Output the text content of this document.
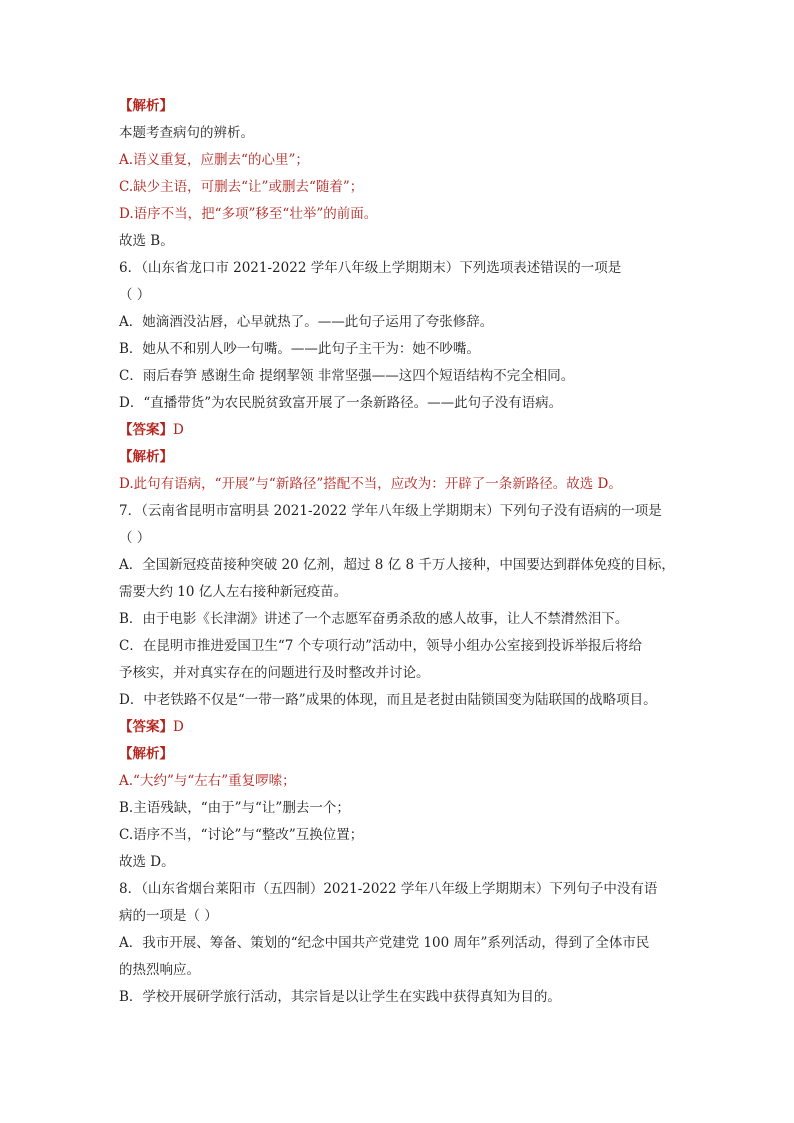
【解析】
本题考查病句的辨析。
A.语义重复，应删去“的心里”；
C.缺少主语，可删去“让”或删去“随着”；
D.语序不当，把“多项”移至“壮举”的前面。
故选 B。
6．（山东省龙口市 2021-2022 学年八年级上学期期末）下列选项表述错误的一项是
（ ）
A．她滴酒没沾唇，心早就热了。——此句子运用了夸张修辞。
B．她从不和别人吵一句嘴。——此句子主干为：她不吵嘴。
C．雨后春笋 感谢生命 提纲挈领 非常坚强——这四个短语结构不完全相同。
D．“直播带货”为农民脱贫致富开展了一条新路径。——此句子没有语病。
【答案】D
【解析】
D.此句有语病，“开展”与“新路径”搭配不当，应改为：开辟了一条新路径。故选 D。
7．（云南省昆明市富明县 2021-2022 学年八年级上学期期末）下列句子没有语病的一项是
（ ）
A．全国新冠疫苗接种突破 20 亿剂，超过 8 亿 8 千万人接种，中国要达到群体免疫的目标，
需要大约 10 亿人左右接种新冠疫苗。
B．由于电影《长津湖》讲述了一个志愿军奋勇杀敌的感人故事，让人不禁潸然泪下。
C．在昆明市推进爱国卫生“7 个专项行动”活动中，领导小组办公室接到投诉举报后将给
予核实，并对真实存在的问题进行及时整改并讨论。
D．中老铁路不仅是“一带一路”成果的体现，而且是老挝由陆锁国变为陆联国的战略项目。
【答案】D
【解析】
A.“大约”与“左右”重复啰嗦；
B.主语残缺，“由于”与“让”删去一个；
C.语序不当，“讨论”与“整改”互换位置；
故选 D。
8．（山东省烟台莱阳市（五四制）2021-2022 学年八年级上学期期末）下列句子中没有语
病的一项是（ ）
A．我市开展、筹备、策划的“纪念中国共产党建党 100 周年”系列活动，得到了全体市民
的热烈响应。
B．学校开展研学旅行活动，其宗旨是以让学生在实践中获得真知为目的。
